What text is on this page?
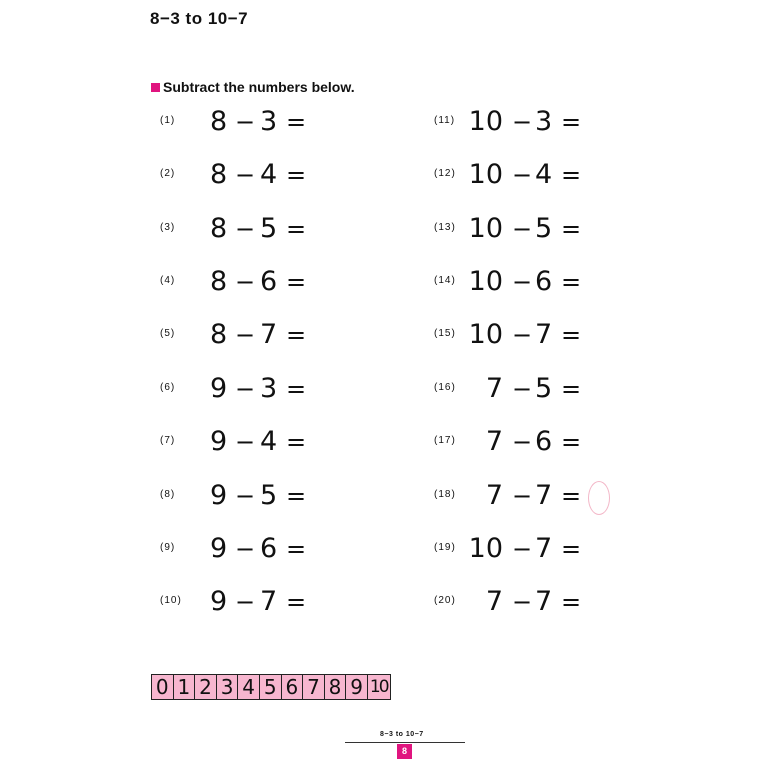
8−3 to 10−7
Subtract the numbers below.
(1) 8 − 3 =
(2) 8 − 4 =
(3) 8 − 5 =
(4) 8 − 6 =
(5) 8 − 7 =
(6) 9 − 3 =
(7) 9 − 4 =
(8) 9 − 5 =
(9) 9 − 6 =
(10) 9 − 7 =
(11) 10 − 3 =
(12) 10 − 4 =
(13) 10 − 5 =
(14) 10 − 6 =
(15) 10 − 7 =
(16) 7 − 5 =
(17) 7 − 6 =
(18) 7 − 7 =
(19) 10 − 7 =
(20) 7 − 7 =
0 1 2 3 4 5 6 7 8 9 10
8−3 to 10−7
8
